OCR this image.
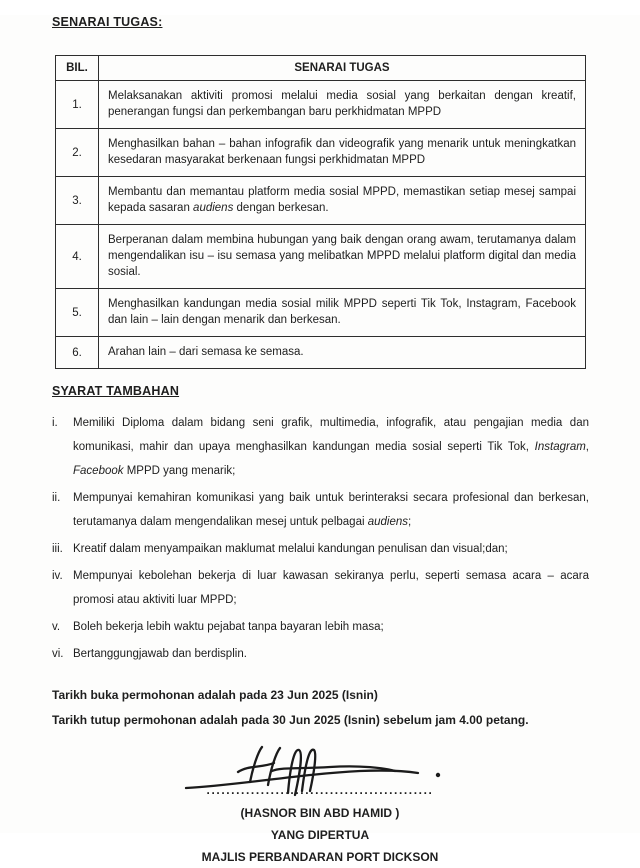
SENARAI TUGAS:
BIL.	SENARAI TUGAS
1.	Melaksanakan aktiviti promosi melalui media sosial yang berkaitan dengan kreatif, penerangan fungsi dan perkembangan baru perkhidmatan MPPD
2.	Menghasilkan bahan – bahan infografik dan videografik yang menarik untuk meningkatkan kesedaran masyarakat berkenaan fungsi perkhidmatan MPPD
3.	Membantu dan memantau platform media sosial MPPD, memastikan setiap mesej sampai kepada sasaran audiens dengan berkesan.
4.	Berperanan dalam membina hubungan yang baik dengan orang awam, terutamanya dalam mengendalikan isu – isu semasa yang melibatkan MPPD melalui platform digital dan media sosial.
5.	Menghasilkan kandungan media sosial milik MPPD seperti Tik Tok, Instagram, Facebook dan lain – lain dengan menarik dan berkesan.
6.	Arahan lain – dari semasa ke semasa.
SYARAT TAMBAHAN
i.	Memiliki Diploma dalam bidang seni grafik, multimedia, infografik, atau pengajian media dan komunikasi, mahir dan upaya menghasilkan kandungan media sosial seperti Tik Tok, Instagram, Facebook MPPD yang menarik;
ii.	Mempunyai kemahiran komunikasi yang baik untuk berinteraksi secara profesional dan berkesan, terutamanya dalam mengendalikan mesej untuk pelbagai audiens;
iii. Kreatif dalam menyampaikan maklumat melalui kandungan penulisan dan visual;dan;
iv. Mempunyai kebolehan bekerja di luar kawasan sekiranya perlu, seperti semasa acara – acara promosi atau aktiviti luar MPPD;
v.	Boleh bekerja lebih waktu pejabat tanpa bayaran lebih masa;
vi. Bertanggungjawab dan berdisplin.
Tarikh buka permohonan adalah pada 23 Jun 2025 (Isnin)
Tarikh tutup permohonan adalah pada 30 Jun 2025 (Isnin) sebelum jam 4.00 petang.
..............................................
(HASNOR BIN ABD HAMID )
YANG DIPERTUA
MAJLIS PERBANDARAN PORT DICKSON
